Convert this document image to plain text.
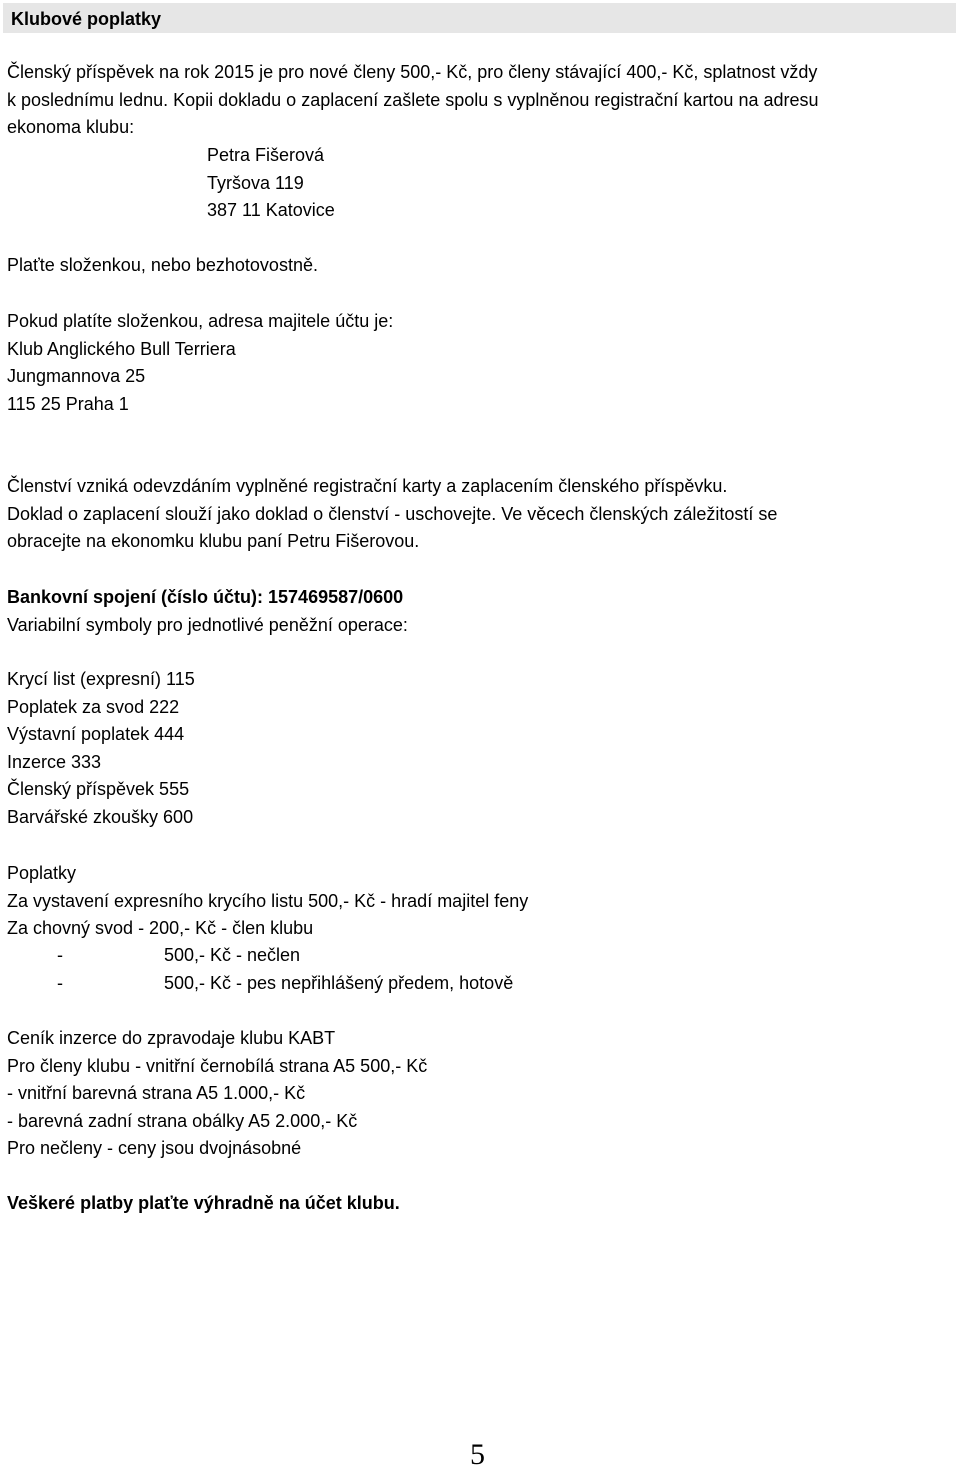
Klubové poplatky
Členský příspěvek na rok 2015 je pro nové členy 500,- Kč, pro členy stávající 400,- Kč, splatnost vždy
k poslednímu lednu. Kopii dokladu o zaplacení zašlete spolu s vyplněnou registrační kartou na adresu
ekonoma klubu:
Petra Fišerová
Tyršova 119
387 11 Katovice
Plaťte složenkou, nebo bezhotovostně.
Pokud platíte složenkou, adresa majitele účtu je:
Klub Anglického Bull Terriera
Jungmannova 25
115 25 Praha 1
Členství vzniká odevzdáním vyplněné registrační karty a zaplacením členského příspěvku.
Doklad o zaplacení slouží jako doklad o členství - uschovejte. Ve věcech členských záležitostí se
obracejte na ekonomku klubu paní Petru Fišerovou.
Bankovní spojení (číslo účtu): 157469587/0600
Variabilní symboly pro jednotlivé peněžní operace:
Krycí list (expresní) 115
Poplatek za svod 222
Výstavní poplatek 444
Inzerce 333
Členský příspěvek 555
Barvářské zkoušky 600
Poplatky
Za vystavení expresního krycího listu 500,- Kč - hradí majitel feny
Za chovný svod - 200,- Kč - člen klubu
-	500,- Kč - nečlen
-	500,- Kč - pes nepřihlášený předem, hotově
Ceník inzerce do zpravodaje klubu KABT
Pro členy klubu - vnitřní černobílá strana A5 500,- Kč
- vnitřní barevná strana A5 1.000,- Kč
- barevná zadní strana obálky A5 2.000,- Kč
Pro nečleny - ceny jsou dvojnásobné
Veškeré platby plaťte výhradně na účet klubu.
5
